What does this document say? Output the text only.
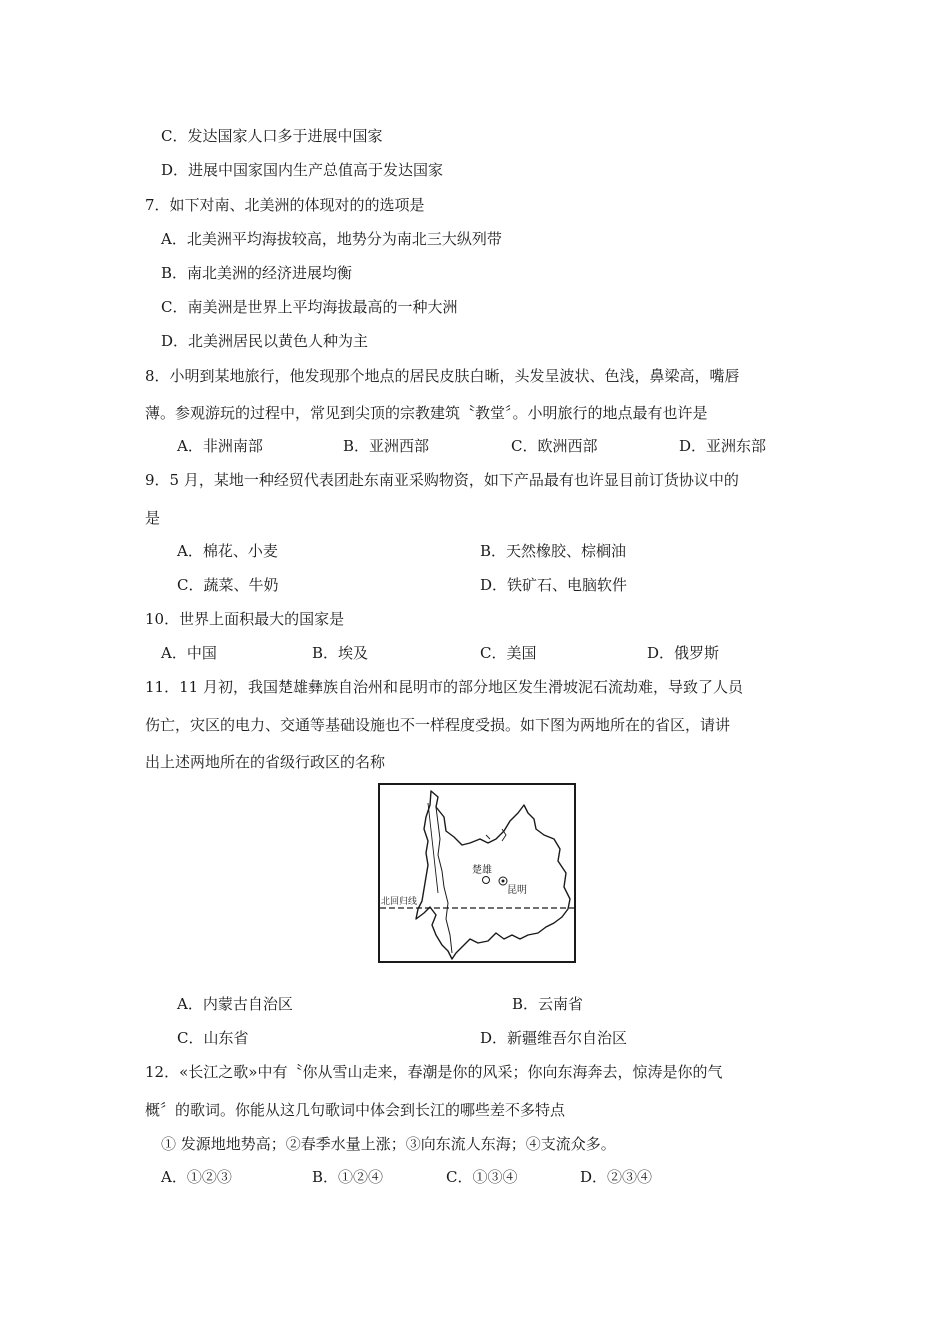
C．发达国家人口多于进展中国家
D．进展中国家国内生产总值高于发达国家
7．如下对南、北美洲的体现对的的选项是
A．北美洲平均海拔较高，地势分为南北三大纵列带
B．南北美洲的经济进展均衡
C．南美洲是世界上平均海拔最高的一种大洲
D．北美洲居民以黄色人种为主
8．小明到某地旅行，他发现那个地点的居民皮肤白晰，头发呈波状、色浅，鼻梁高，嘴唇
薄。参观游玩的过程中，常见到尖顶的宗教建筑〝教堂〞。小明旅行的地点最有也许是
A．非洲南部	B．亚洲西部	C．欧洲西部	D．亚洲东部
9．5 月，某地一种经贸代表团赴东南亚采购物资，如下产品最有也许显目前订货协议中的
是
A．棉花、小麦	B．天然橡胶、棕榈油
C．蔬菜、牛奶	D．铁矿石、电脑软件
10．世界上面积最大的国家是
A．中国	B．埃及	C．美国	D．俄罗斯
11．11 月初，我国楚雄彝族自治州和昆明市的部分地区发生滑坡泥石流劫难，导致了人员
伤亡，灾区的电力、交通等基础设施也不一样程度受损。如下图为两地所在的省区，请讲
出上述两地所在的省级行政区的名称
楚雄
昆明
北回归线
A．内蒙古自治区	B．云南省
C．山东省	D．新疆维吾尔自治区
12．«长江之歌»中有〝你从雪山走来，春潮是你的风采；你向东海奔去，惊涛是你的气
概〞的歌词。你能从这几句歌词中体会到长江的哪些差不多特点
① 发源地地势高；②春季水量上涨；③向东流人东海；④支流众多。
A．①②③	B．①②④	C．①③④	D．②③④
